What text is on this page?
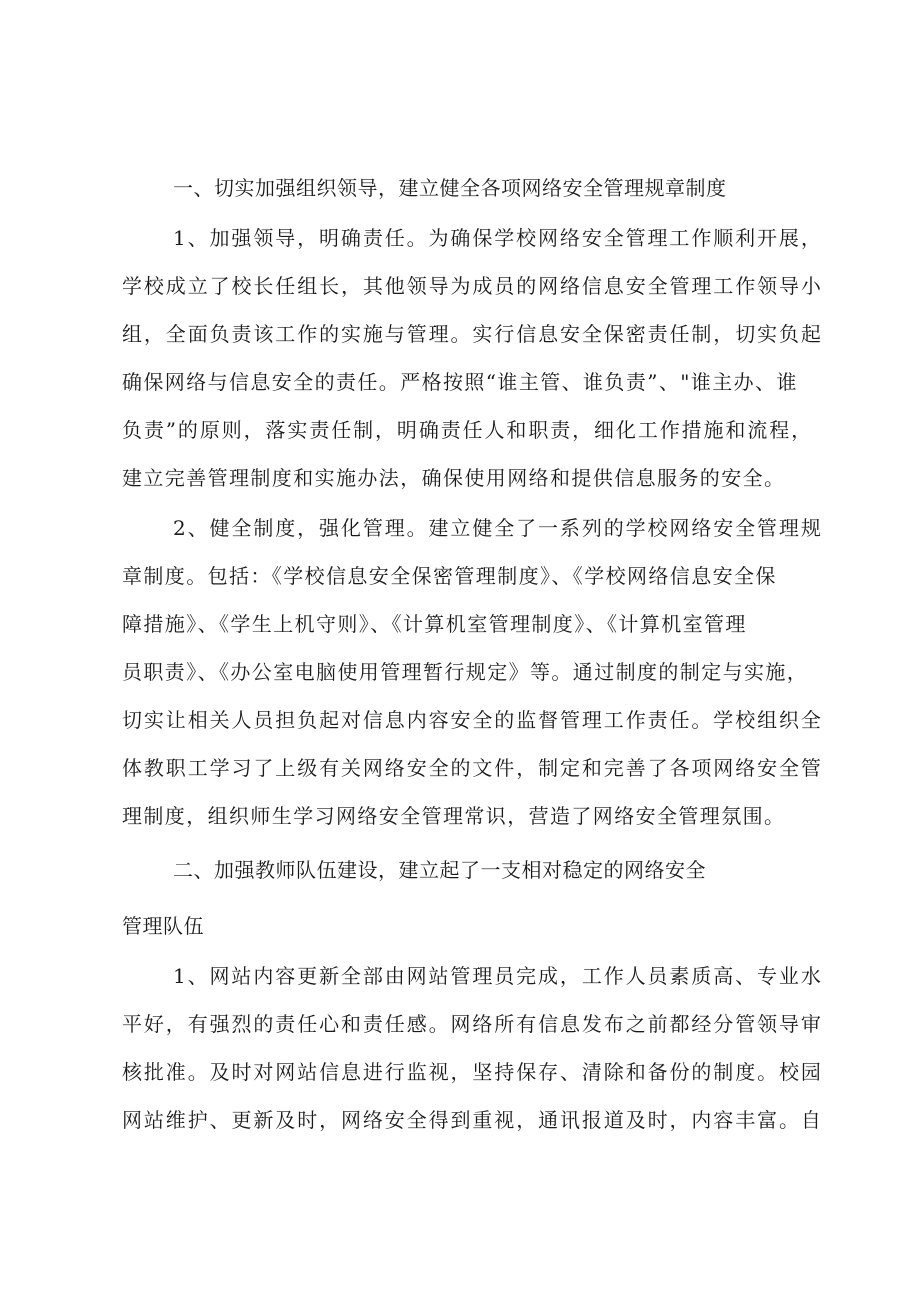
一、切实加强组织领导，建立健全各项网络安全管理规章制度
1、加强领导，明确责任。为确保学校网络安全管理工作顺利开展，
学校成立了校长任组长，其他领导为成员的网络信息安全管理工作领导小
组，全面负责该工作的实施与管理。实行信息安全保密责任制，切实负起
确保网络与信息安全的责任。严格按照“谁主管、谁负责”、"谁主办、谁
负责”的原则，落实责任制，明确责任人和职责，细化工作措施和流程，
建立完善管理制度和实施办法，确保使用网络和提供信息服务的安全。
2、健全制度，强化管理。建立健全了一系列的学校网络安全管理规
章制度。包括：《学校信息安全保密管理制度》、《学校网络信息安全保
障措施》、《学生上机守则》、《计算机室管理制度》、《计算机室管理
员职责》、《办公室电脑使用管理暂行规定》等。通过制度的制定与实施，
切实让相关人员担负起对信息内容安全的监督管理工作责任。学校组织全
体教职工学习了上级有关网络安全的文件，制定和完善了各项网络安全管
理制度，组织师生学习网络安全管理常识，营造了网络安全管理氛围。
二、加强教师队伍建设，建立起了一支相对稳定的网络安全
管理队伍
1、网站内容更新全部由网站管理员完成，工作人员素质高、专业水
平好，有强烈的责任心和责任感。网络所有信息发布之前都经分管领导审
核批准。及时对网站信息进行监视，坚持保存、清除和备份的制度。校园
网站维护、更新及时，网络安全得到重视，通讯报道及时，内容丰富。自
